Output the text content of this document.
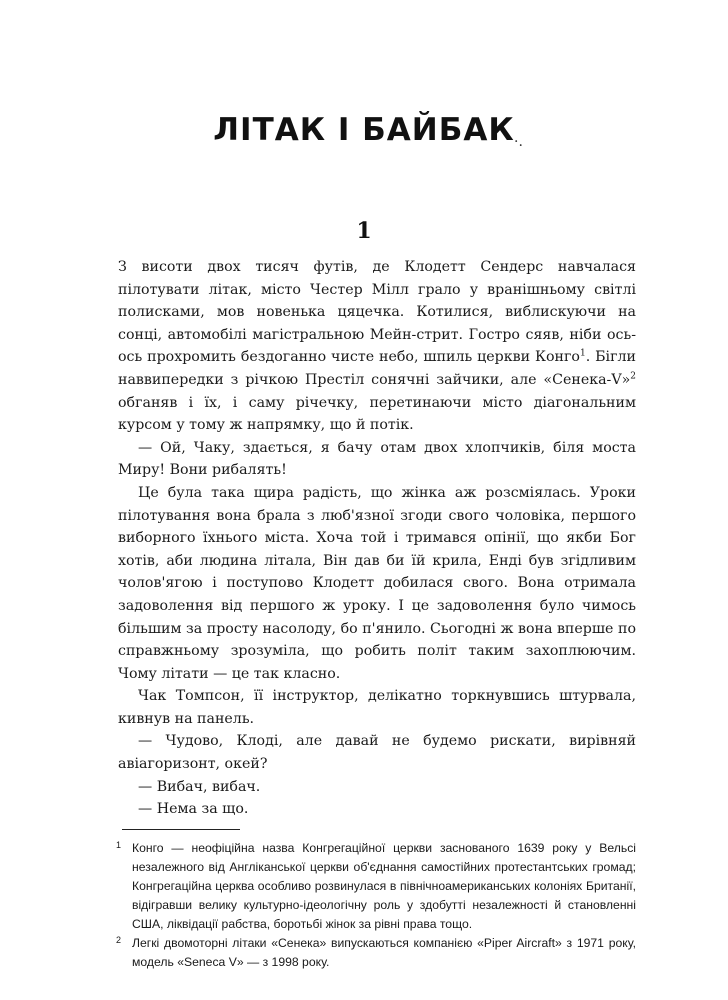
ЛІТАК І БАЙБАК ·.
1

З висоти двох тисяч футів, де Клодетт Сендерс навчалася пілотувати літак, місто Честер Мілл грало у вранішньому світлі полисками, мов новенька цяцечка. Котилися, виблискуючи на сонці, автомобілі магістральною Мейн-стрит. Гостро сяяв, ніби ось-ось прохромить бездоганно чисте небо, шпиль церкви Конго$^1$. Бігли наввипередки з річкою Престіл сонячні зайчики, але «Сенека-V»$^2$ обганяв і їх, і саму річечку, перетинаючи місто діагональним курсом у тому ж напрямку, що й потік.

— Ой, Чаку, здається, я бачу отам двох хлопчиків, біля моста Миру! Вони рибалять!

Це була така щира радість, що жінка аж розсміялась. Уроки пілотування вона брала з люб'язної згоди свого чоловіка, першого виборного їхнього міста. Хоча той і тримався опінії, що якби Бог хотів, аби людина літала, Він дав би їй крила, Енді був згідливим чолов'ягою і поступово Клодетт добилася свого. Вона отримала задоволення від першого ж уроку. І це задоволення було чимось більшим за просту насолоду, бо п'янило. Сьогодні ж вона вперше по справжньому зрозуміла, що робить політ таким захоплюючим. Чому літати — це так класно.

Чак Томпсон, її інструктор, делікатно торкнувшись штурвала, кивнув на панель.

— Чудово, Клоді, але давай не будемо рискати, вирівняй авіагоризонт, окей?

— Вибач, вибач.

— Нема за що.

1 Конго — неофіційна назва Конгрегаційної церкви заснованого 1639 року у Вельсі незалежного від Англіканської церкви об'єднання самостійних протестантських громад; Конгрегаційна церква особливо розвинулася в північноамериканських колоніях Британії, відігравши велику культурно-ідеологічну роль у здобутті незалежності й становленні США, ліквідації рабства, боротьбі жінок за рівні права тощо.

2 Легкі двомоторні літаки «Сенека» випускаються компанією «Piper Aircraft» з 1971 року, модель «Seneca V» — з 1998 року.
